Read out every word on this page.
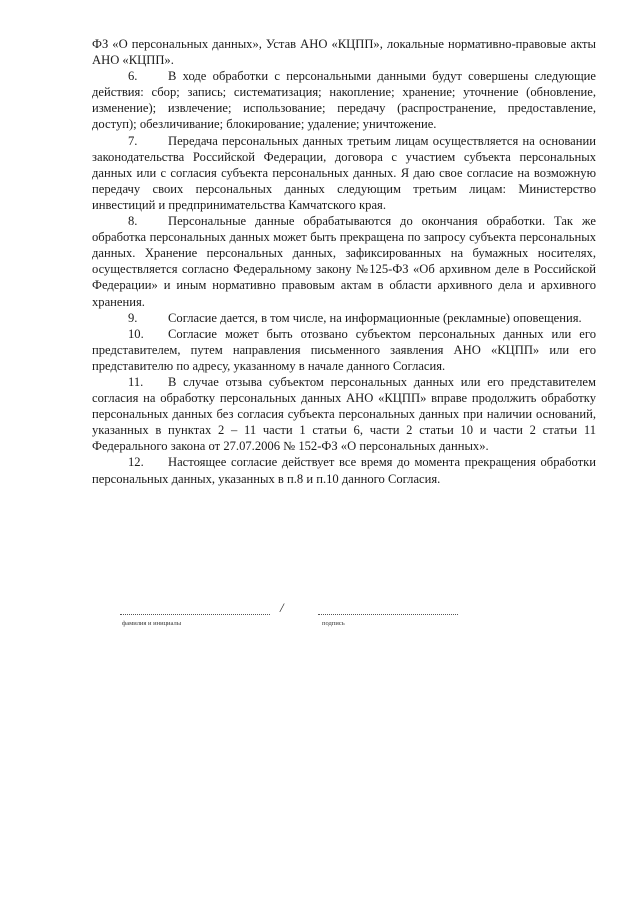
ФЗ «О персональных данных», Устав АНО «КЦПП», локальные нормативно-правовые акты АНО «КЦПП».

6. В ходе обработки с персональными данными будут совершены следующие действия: сбор; запись; систематизация; накопление; хранение; уточнение (обновление, изменение); извлечение; использование; передачу (распространение, предоставление, доступ); обезличивание; блокирование; удаление; уничтожение.

7. Передача персональных данных третьим лицам осуществляется на основании законодательства Российской Федерации, договора с участием субъекта персональных данных или с согласия субъекта персональных данных. Я даю свое согласие на возможную передачу своих персональных данных следующим третьим лицам: Министерство инвестиций и предпринимательства Камчатского края.

8. Персональные данные обрабатываются до окончания обработки. Так же обработка персональных данных может быть прекращена по запросу субъекта персональных данных. Хранение персональных данных, зафиксированных на бумажных носителях, осуществляется согласно Федеральному закону №125-ФЗ «Об архивном деле в Российской Федерации» и иным нормативно правовым актам в области архивного дела и архивного хранения.

9. Согласие дается, в том числе, на информационные (рекламные) оповещения.

10. Согласие может быть отозвано субъектом персональных данных или его представителем, путем направления письменного заявления АНО «КЦПП» или его представителю по адресу, указанному в начале данного Согласия.

11. В случае отзыва субъектом персональных данных или его представителем согласия на обработку персональных данных АНО «КЦПП» вправе продолжить обработку персональных данных без согласия субъекта персональных данных при наличии оснований, указанных в пунктах 2 – 11 части 1 статьи 6, части 2 статьи 10 и части 2 статьи 11 Федерального закона от 27.07.2006 № 152-ФЗ «О персональных данных».

12. Настоящее согласие действует все время до момента прекращения обработки персональных данных, указанных в п.8 и п.10 данного Согласия.

/
фамилия и инициалы	подпись
